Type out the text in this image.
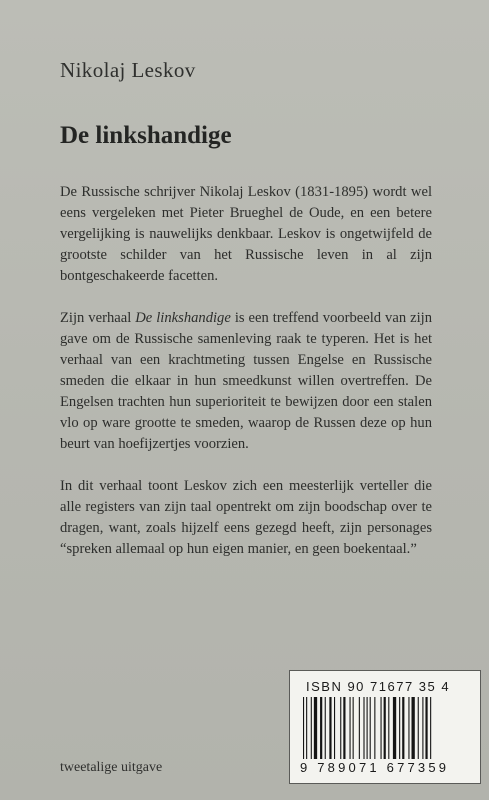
Nikolaj Leskov
De linkshandige

De Russische schrijver Nikolaj Leskov (1831-1895) wordt wel eens vergeleken met Pieter Brueghel de Oude, en een betere vergelijking is nauwelijks denkbaar. Leskov is ongetwijfeld de grootste schilder van het Russische leven in al zijn bontgeschakeerde facetten.

Zijn verhaal De linkshandige is een treffend voorbeeld van zijn gave om de Russische samenleving raak te typeren. Het is het verhaal van een krachtmeting tussen Engelse en Russische smeden die elkaar in hun smeedkunst willen overtreffen. De Engelsen trachten hun superioriteit te bewijzen door een stalen vlo op ware grootte te smeden, waarop de Russen deze op hun beurt van hoefijzertjes voorzien.

In dit verhaal toont Leskov zich een meesterlijk verteller die alle registers van zijn taal opentrekt om zijn boodschap over te dragen, want, zoals hijzelf eens gezegd heeft, zijn personages “spreken allemaal op hun eigen manier, en geen boekentaal.”

ISBN 90 71677 35 4
9 789071 677359
tweetalige uitgave
